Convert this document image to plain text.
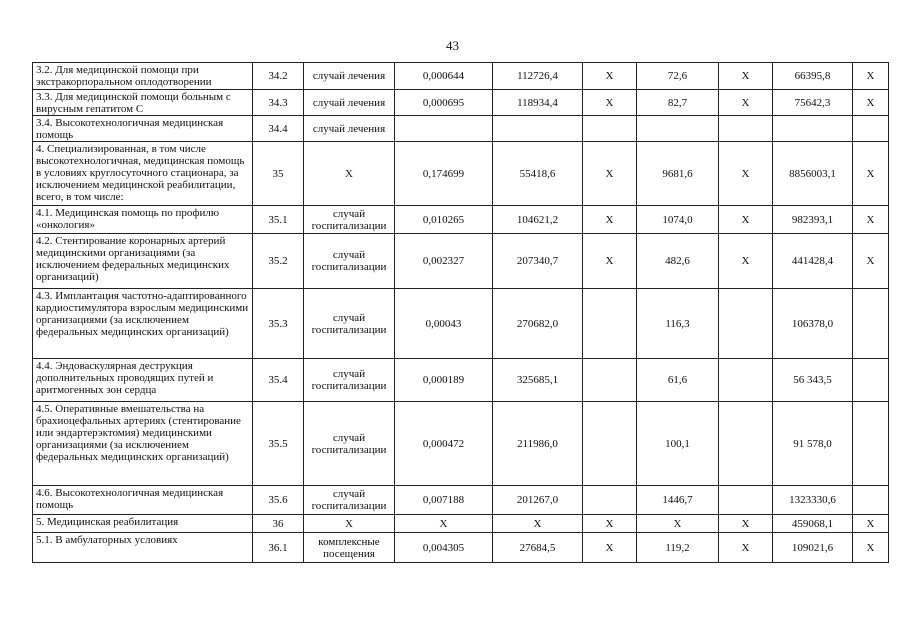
43
3.2. Для медицинской помощи при экстракорпоральном оплодотворении	34.2	случай лечения	0,000644	112726,4	Х	72,6	Х	66395,8	Х
3.3. Для медицинской помощи больным с вирусным гепатитом С	34.3	случай лечения	0,000695	118934,4	Х	82,7	Х	75642,3	Х
3.4. Высокотехнологичная медицинская помощь	34.4	случай лечения							
4. Специализированная, в том числе высокотехнологичная, медицинская помощь в условиях круглосуточного стационара, за исключением медицинской реабилитации, всего, в том числе:	35	Х	0,174699	55418,6	Х	9681,6	Х	8856003,1	Х
4.1. Медицинская помощь по профилю «онкология»	35.1	случай госпитализации	0,010265	104621,2	Х	1074,0	Х	982393,1	Х
4.2. Стентирование коронарных артерий медицинскими организациями (за исключением федеральных медицинских организаций)	35.2	случай госпитализации	0,002327	207340,7	Х	482,6	Х	441428,4	Х
4.3. Имплантация частотно-адаптированного кардиостимулятора взрослым медицинскими организациями (за исключением федеральных медицинских организаций)	35.3	случай госпитализации	0,00043	270682,0		116,3		106378,0	
4.4. Эндоваскулярная деструкция дополнительных проводящих путей и аритмогенных зон сердца	35.4	случай госпитализации	0,000189	325685,1		61,6		56 343,5	
4.5. Оперативные вмешательства на брахиоцефальных артериях (стентирование или эндартерэктомия) медицинскими организациями (за исключением федеральных медицинских организаций)	35.5	случай госпитализации	0,000472	211986,0		100,1		91 578,0	
4.6. Высокотехнологичная медицинская помощь	35.6	случай госпитализации	0,007188	201267,0		1446,7		1323330,6	
5. Медицинская реабилитация	36	Х	Х	Х	Х	Х	Х	459068,1	Х
5.1. В амбулаторных условиях	36.1	комплексные посещения	0,004305	27684,5	Х	119,2	Х	109021,6	Х
